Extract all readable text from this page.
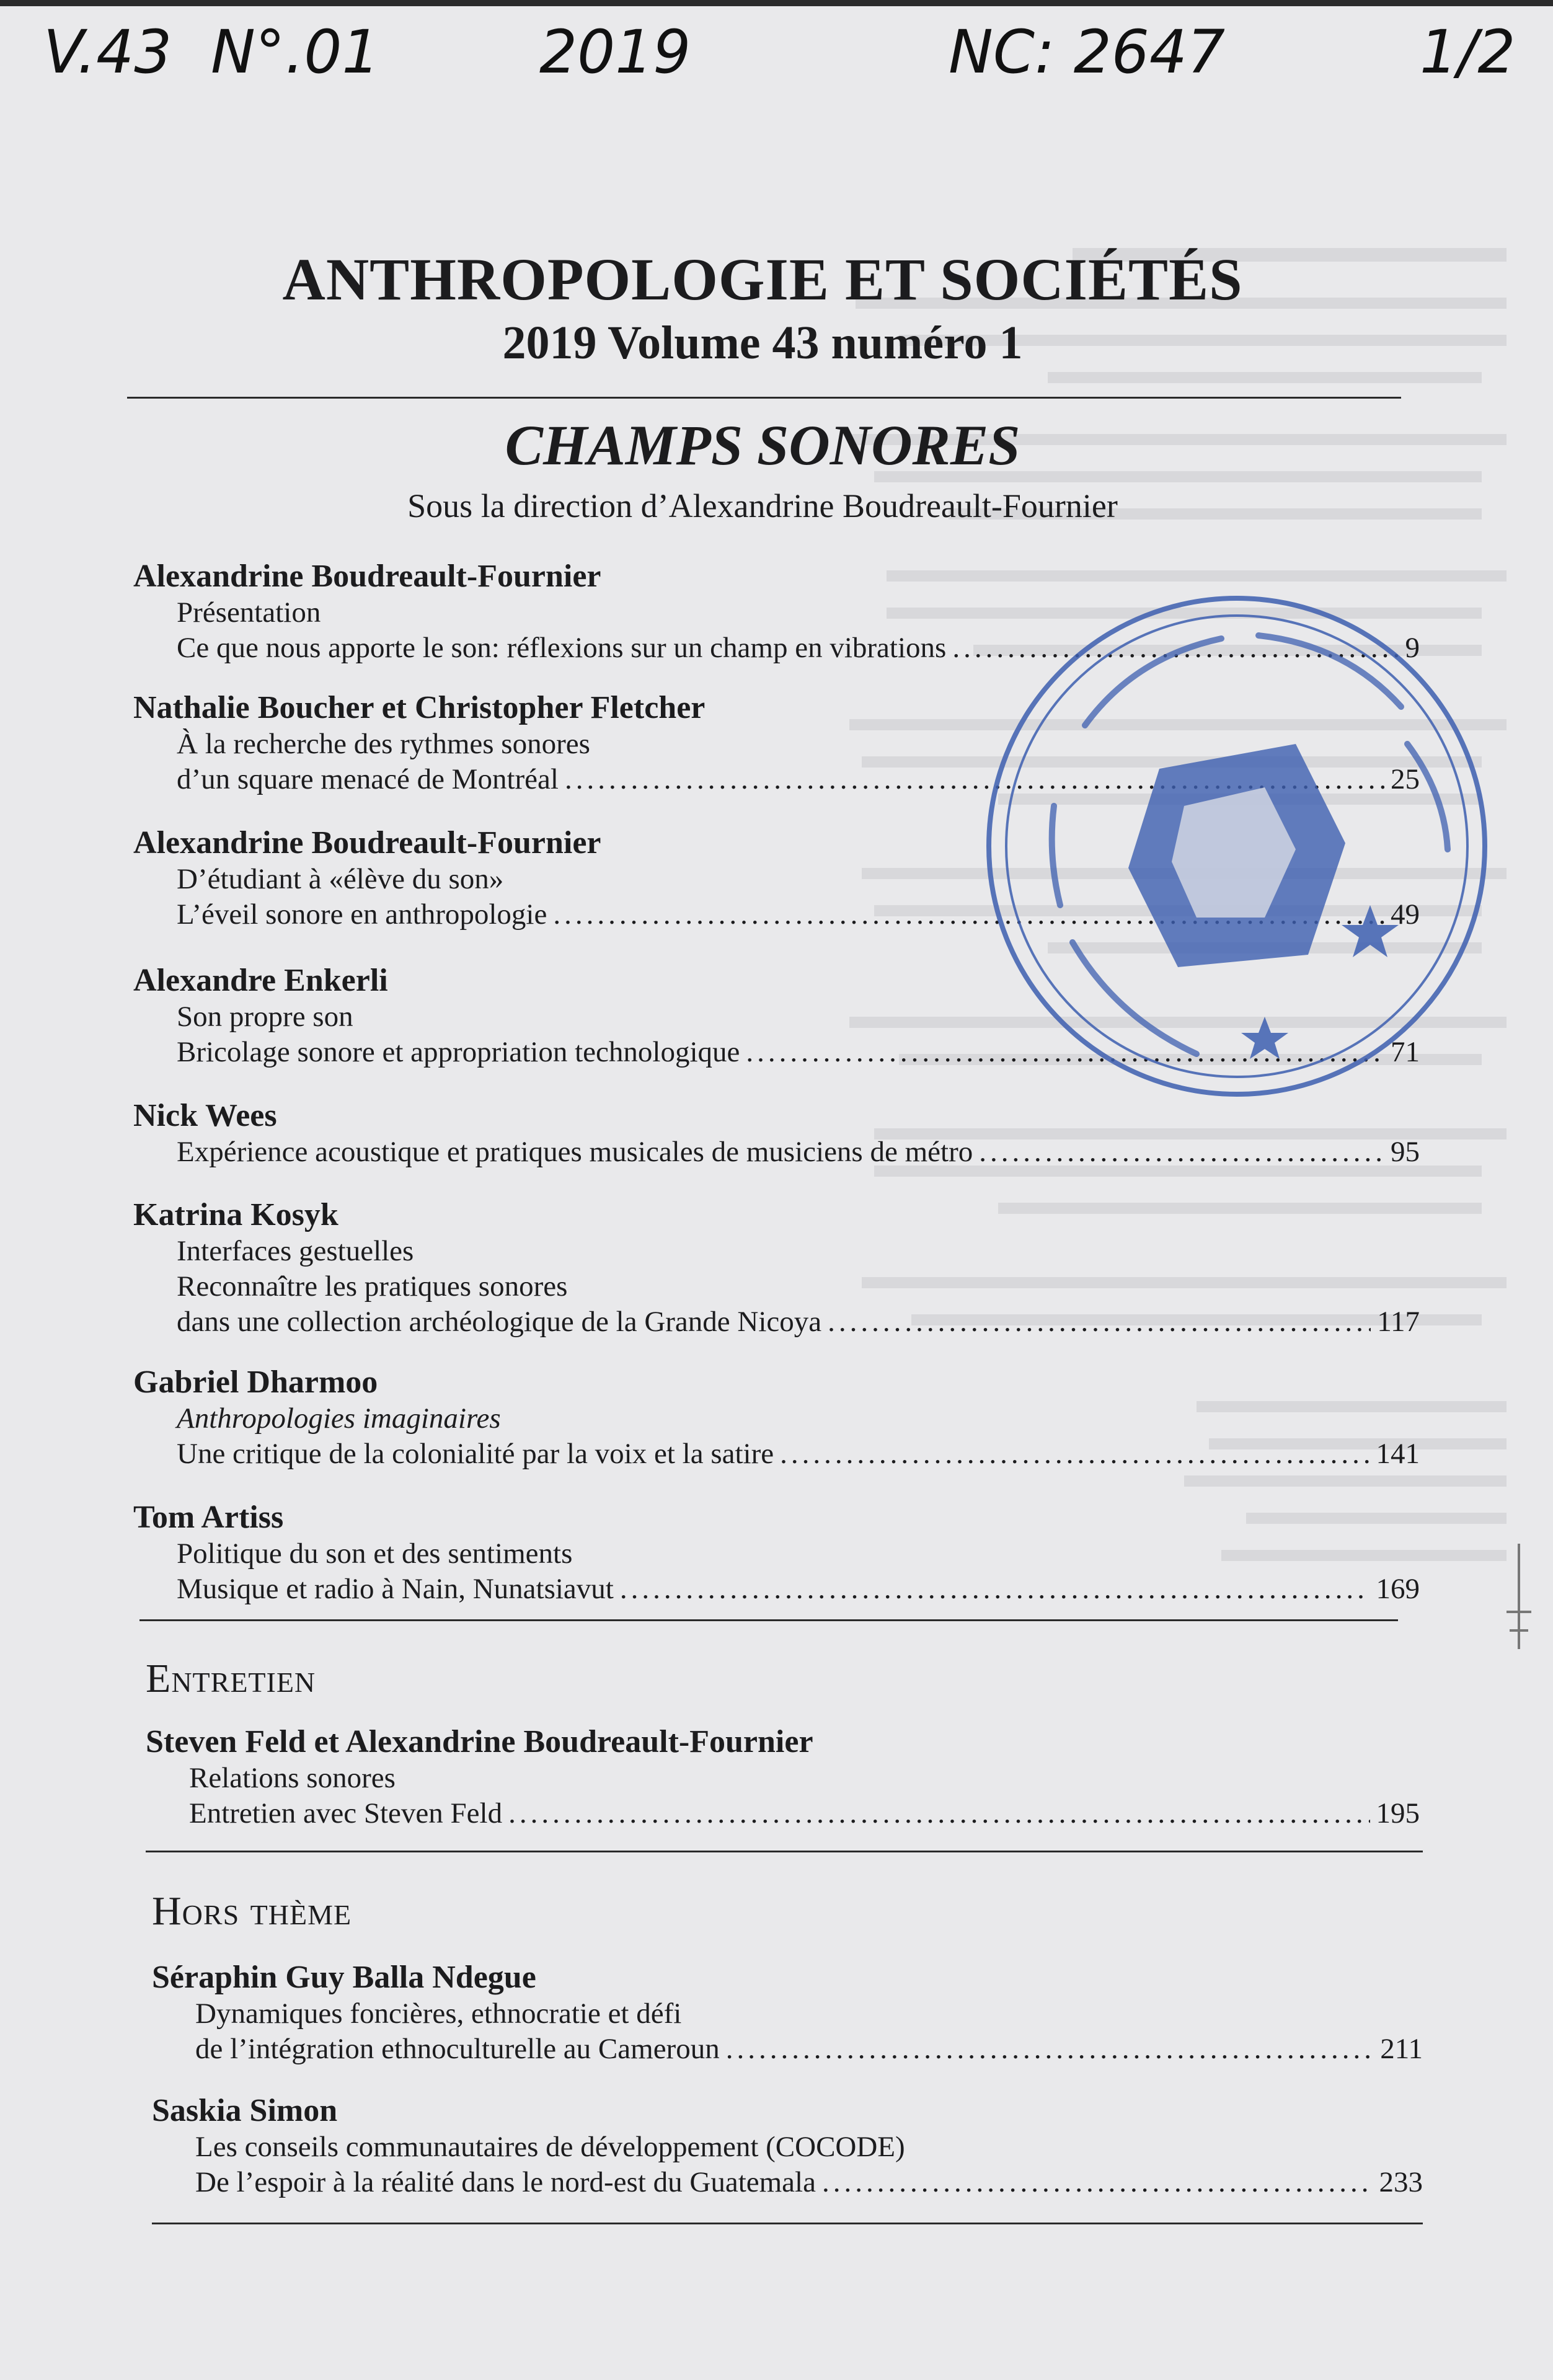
V.43 N°.01	2019	NC: 2647	1/2
ANTHROPOLOGIE ET SOCIÉTÉS
2019 Volume 43 numéro 1
CHAMPS SONORES
Sous la direction d’Alexandrine Boudreault-Fournier
Alexandrine Boudreault-Fournier
Présentation
Ce que nous apporte le son: réflexions sur un champ en vibrations .....	9
Nathalie Boucher et Christopher Fletcher
À la recherche des rythmes sonores
d’un square menacé de Montréal .....	25
Alexandrine Boudreault-Fournier
D’étudiant à «élève du son»
L’éveil sonore en anthropologie .....	49
Alexandre Enkerli
Son propre son
Bricolage sonore et appropriation technologique .....	71
Nick Wees
Expérience acoustique et pratiques musicales de musiciens de métro .....	95
Katrina Kosyk
Interfaces gestuelles
Reconnaître les pratiques sonores
dans une collection archéologique de la Grande Nicoya .....	117
Gabriel Dharmoo
Anthropologies imaginaires
Une critique de la colonialité par la voix et la satire .....	141
Tom Artiss
Politique du son et des sentiments
Musique et radio à Nain, Nunatsiavut .....	169
Entretien
Steven Feld et Alexandrine Boudreault-Fournier
Relations sonores
Entretien avec Steven Feld .....	195
Hors thème
Séraphin Guy Balla Ndegue
Dynamiques foncières, ethnocratie et défi
de l’intégration ethnoculturelle au Cameroun .....	211
Saskia Simon
Les conseils communautaires de développement (COCODE)
De l’espoir à la réalité dans le nord-est du Guatemala .....	233
